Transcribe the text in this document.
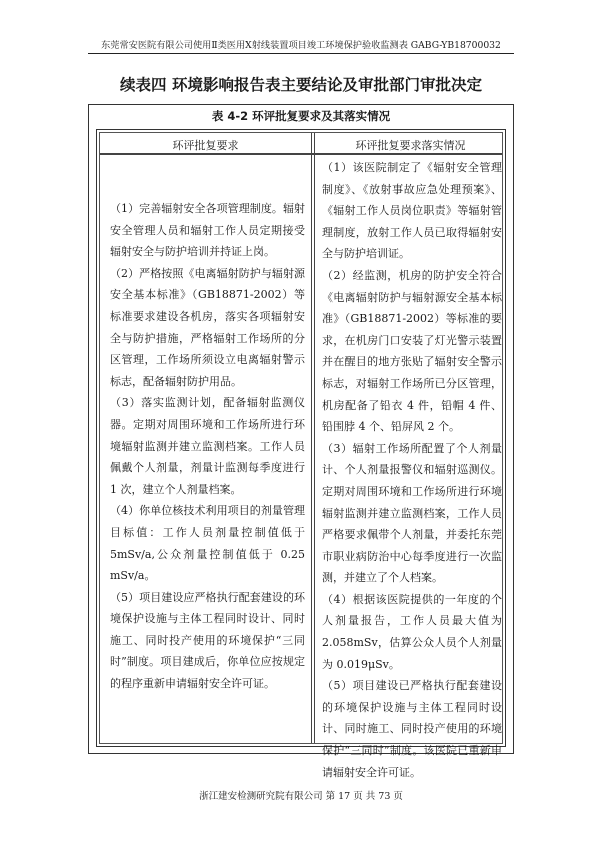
东莞常安医院有限公司使用Ⅱ类医用X射线装置项目竣工环境保护验收监测表 GABG-YB18700032
续表四 环境影响报告表主要结论及审批部门审批决定
表 4-2 环评批复要求及其落实情况
环评批复要求	环评批复要求落实情况

（1）完善辐射安全各项管理制度。辐射安全管理人员和辐射工作人员定期接受辐射安全与防护培训并持证上岗。

（2）严格按照《电离辐射防护与辐射源安全基本标准》（GB18871-2002）等标准要求建设各机房，落实各项辐射安全与防护措施，严格辐射工作场所的分区管理，工作场所须设立电离辐射警示标志，配备辐射防护用品。

（3）落实监测计划，配备辐射监测仪器。定期对周围环境和工作场所进行环境辐射监测并建立监测档案。工作人员佩戴个人剂量，剂量计监测每季度进行 1 次，建立个人剂量档案。

（4）你单位核技术利用项目的剂量管理目标值：工作人员剂量控制值低于 5mSv/a,公众剂量控制值低于 0.25 mSv/a。

（5）项目建设应严格执行配套建设的环境保护设施与主体工程同时设计、同时施工、同时投产使用的环境保护“三同时”制度。项目建成后，你单位应按规定的程序重新申请辐射安全许可证。

（1）该医院制定了《辐射安全管理制度》、《放射事故应急处理预案》、《辐射工作人员岗位职责》等辐射管理制度，放射工作人员已取得辐射安全与防护培训证。

（2）经监测，机房的防护安全符合《电离辐射防护与辐射源安全基本标准》（GB18871-2002）等标准的要求，在机房门口安装了灯光警示装置并在醒目的地方张贴了辐射安全警示标志，对辐射工作场所已分区管理，机房配备了铅衣 4 件，铅帽 4 件、铅围脖 4 个、铅屏风 2 个。

（3）辐射工作场所配置了个人剂量计、个人剂量报警仪和辐射巡测仪。定期对周围环境和工作场所进行环境辐射监测并建立监测档案，工作人员严格要求佩带个人剂量，并委托东莞市职业病防治中心每季度进行一次监测，并建立了个人档案。

（4）根据该医院提供的一年度的个人剂量报告，工作人员最大值为 2.058mSv，估算公众人员个人剂量为 0.019μSv。

（5）项目建设已严格执行配套建设的环境保护设施与主体工程同时设计、同时施工、同时投产使用的环境保护“三同时”制度。该医院已重新申请辐射安全许可证。

浙江建安检测研究院有限公司 第 17 页 共 73 页
